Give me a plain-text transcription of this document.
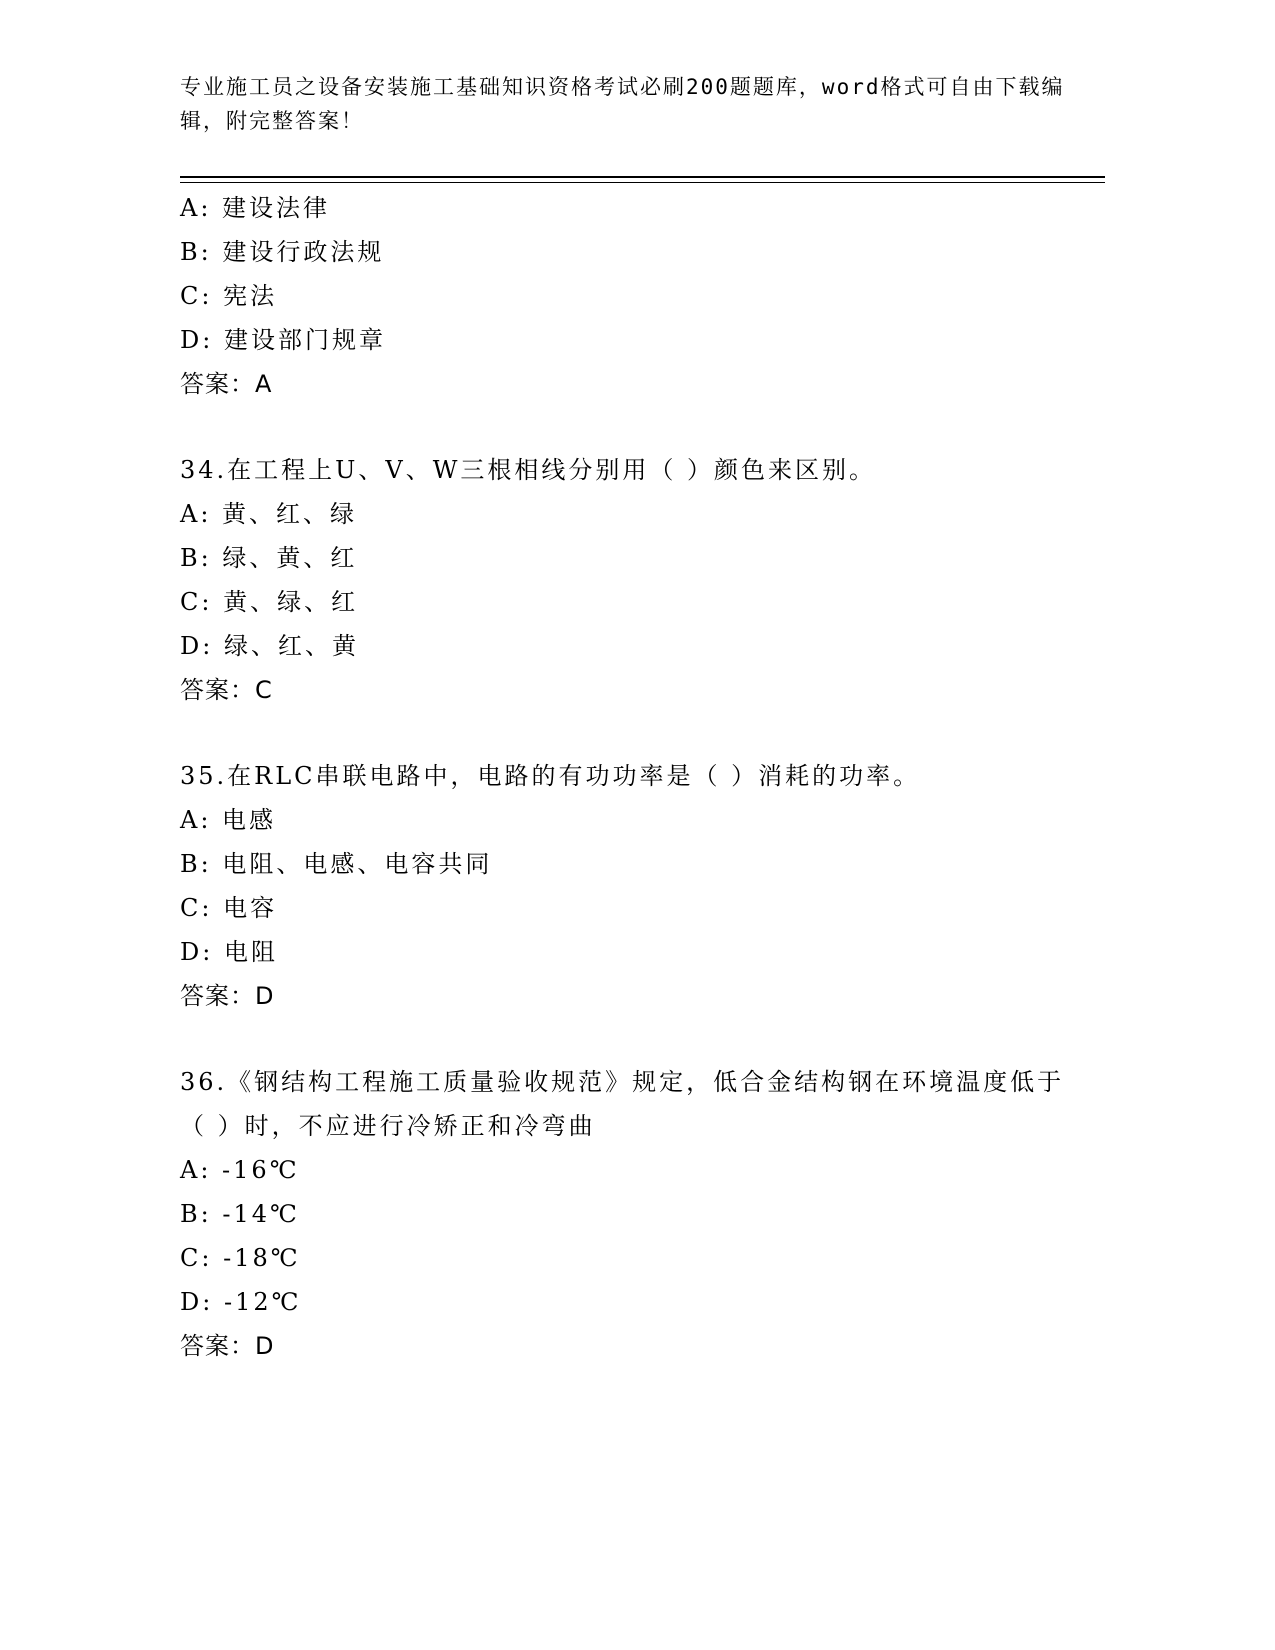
专业施工员之设备安装施工基础知识资格考试必刷200题题库，word格式可自由下载编辑，附完整答案！
A: 建设法律
B: 建设行政法规
C: 宪法
D: 建设部门规章
答案：A
34.在工程上U、V、W三根相线分别用（ ）颜色来区别。
A: 黄、红、绿
B: 绿、黄、红
C: 黄、绿、红
D: 绿、红、黄
答案：C
35.在RLC串联电路中，电路的有功功率是（ ）消耗的功率。
A: 电感
B: 电阻、电感、电容共同
C: 电容
D: 电阻
答案：D
36.《钢结构工程施工质量验收规范》规定，低合金结构钢在环境温度低于（ ）时，不应进行冷矫正和冷弯曲
A: -16℃
B: -14℃
C: -18℃
D: -12℃
答案：D
